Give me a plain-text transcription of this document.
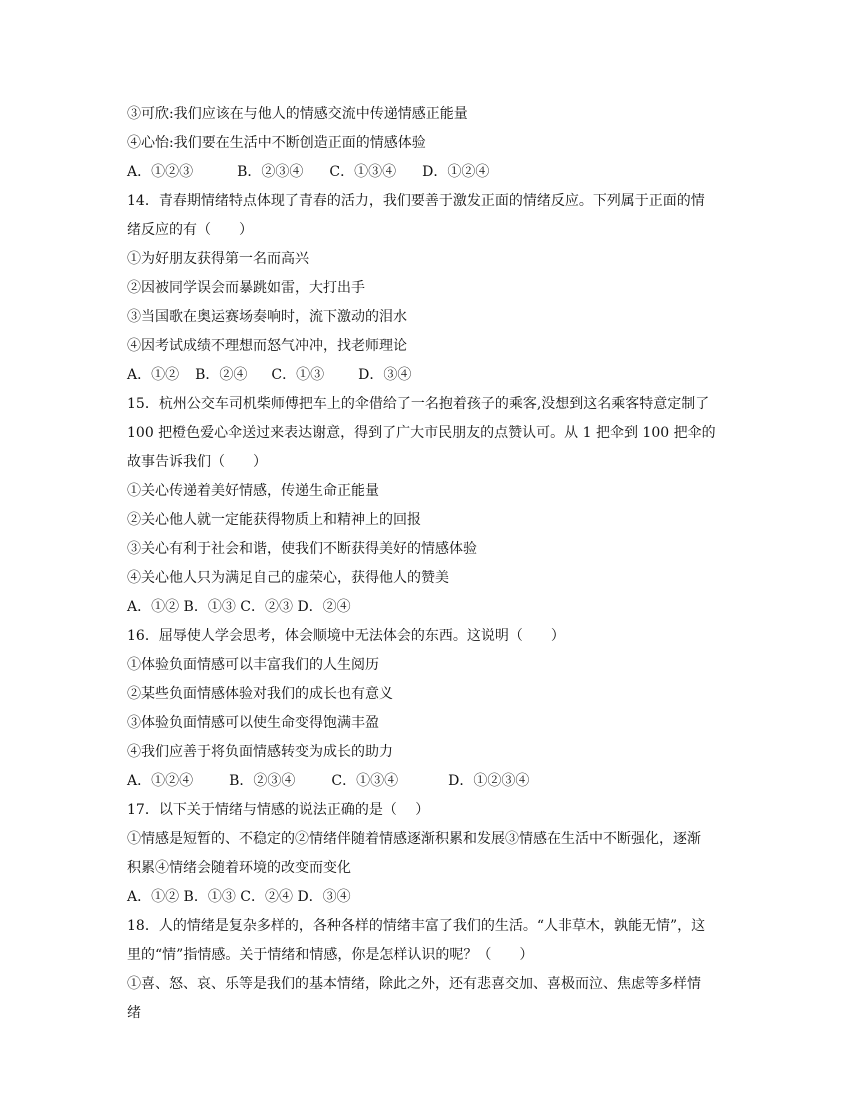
③可欣:我们应该在与他人的情感交流中传递情感正能量
④心怡:我们要在生活中不断创造正面的情感体验
A．①②③	B．②③④ C．①③④ D．①②④
14．青春期情绪特点体现了青春的活力，我们要善于激发正面的情绪反应。下列属于正面的情
绪反应的有（　　）
①为好朋友获得第一名而高兴
②因被同学误会而暴跳如雷，大打出手
③当国歌在奥运赛场奏响时，流下激动的泪水
④因考试成绩不理想而怒气冲冲，找老师理论
A．①② B．②④ C．①③ D．③④
15．杭州公交车司机柴师傅把车上的伞借给了一名抱着孩子的乘客,没想到这名乘客特意定制了
100 把橙色爱心伞送过来表达谢意，得到了广大市民朋友的点赞认可。从 1 把伞到 100 把伞的
故事告诉我们（　　）
①关心传递着美好情感，传递生命正能量
②关心他人就一定能获得物质上和精神上的回报
③关心有利于社会和谐，使我们不断获得美好的情感体验
④关心他人只为满足自己的虚荣心，获得他人的赞美
A．①② B．①③ C．②③ D．②④
16．屈辱使人学会思考，体会顺境中无法体会的东西。这说明（　　）
①体验负面情感可以丰富我们的人生阅历
②某些负面情感体验对我们的成长也有意义
③体验负面情感可以使生命变得饱满丰盈
④我们应善于将负面情感转变为成长的助力
A．①②④	B．②③④	C．①③④	D．①②③④
17．以下关于情绪与情感的说法正确的是（　 ）
①情感是短暂的、不稳定的②情绪伴随着情感逐渐积累和发展③情感在生活中不断强化，逐渐
积累④情绪会随着环境的改变而变化
A．①② B．①③ C．②④ D．③④
18．人的情绪是复杂多样的，各种各样的情绪丰富了我们的生活。“人非草木，孰能无情”，这
里的“情”指情感。关于情绪和情感，你是怎样认识的呢？（　　）
①喜、怒、哀、乐等是我们的基本情绪，除此之外，还有悲喜交加、喜极而泣、焦虑等多样情
绪
